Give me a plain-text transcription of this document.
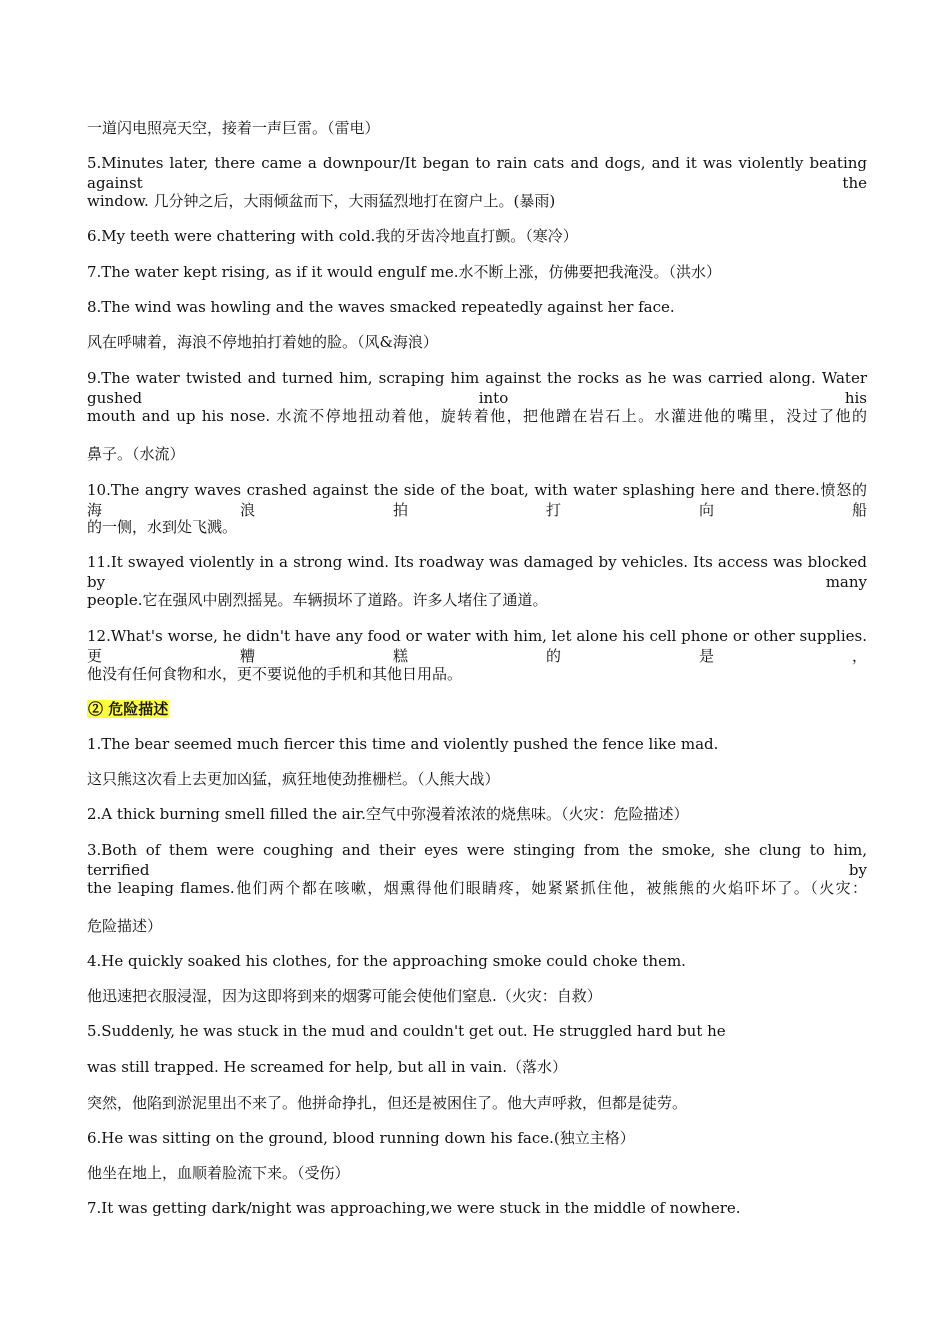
一道闪电照亮天空，接着一声巨雷。（雷电）

5.Minutes later, there came a downpour/It began to rain cats and dogs, and it was violently beating against the

window. 几分钟之后，大雨倾盆而下，大雨猛烈地打在窗户上。(暴雨)

6.My teeth were chattering with cold.我的牙齿冷地直打颤。（寒冷）

7.The water kept rising, as if it would engulf me.水不断上涨，仿佛要把我淹没。（洪水）

8.The wind was howling and the waves smacked repeatedly against her face.

风在呼啸着，海浪不停地拍打着她的脸。（风&海浪）

9.The water twisted and turned him, scraping him against the rocks as he was carried along. Water gushed into his

mouth and up his nose. 水流不停地扭动着他，旋转着他，把他蹭在岩石上。水灌进他的嘴里，没过了他的

鼻子。（水流）

10.The angry waves crashed against the side of the boat, with water splashing here and there.愤怒的海浪拍打向船

的一侧，水到处飞溅。

11.It swayed violently in a strong wind. Its roadway was damaged by vehicles. Its access was blocked by many

people.它在强风中剧烈摇晃。车辆损坏了道路。许多人堵住了通道。

12.What's worse, he didn't have any food or water with him, let alone his cell phone or other supplies.更糟糕的是，

他没有任何食物和水，更不要说他的手机和其他日用品。

② 危险描述

1.The bear seemed much fiercer this time and violently pushed the fence like mad.

这只熊这次看上去更加凶猛，疯狂地使劲推栅栏。（人熊大战）

2.A thick burning smell filled the air.空气中弥漫着浓浓的烧焦味。（火灾：危险描述）

3.Both of them were coughing and their eyes were stinging from the smoke, she clung to him, terrified by

the leaping flames.他们两个都在咳嗽，烟熏得他们眼睛疼，她紧紧抓住他，被熊熊的火焰吓坏了。（火灾：

危险描述）

4.He quickly soaked his clothes, for the approaching smoke could choke them.

他迅速把衣服浸湿，因为这即将到来的烟雾可能会使他们窒息.（火灾：自救）

5.Suddenly, he was stuck in the mud and couldn't get out. He struggled hard but he

was still trapped. He screamed for help, but all in vain.（落水）

突然，他陷到淤泥里出不来了。他拼命挣扎，但还是被困住了。他大声呼救，但都是徒劳。

6.He was sitting on the ground, blood running down his face.(独立主格）

他坐在地上，血顺着脸流下来。（受伤）

7.It was getting dark/night was approaching,we were stuck in the middle of nowhere.
